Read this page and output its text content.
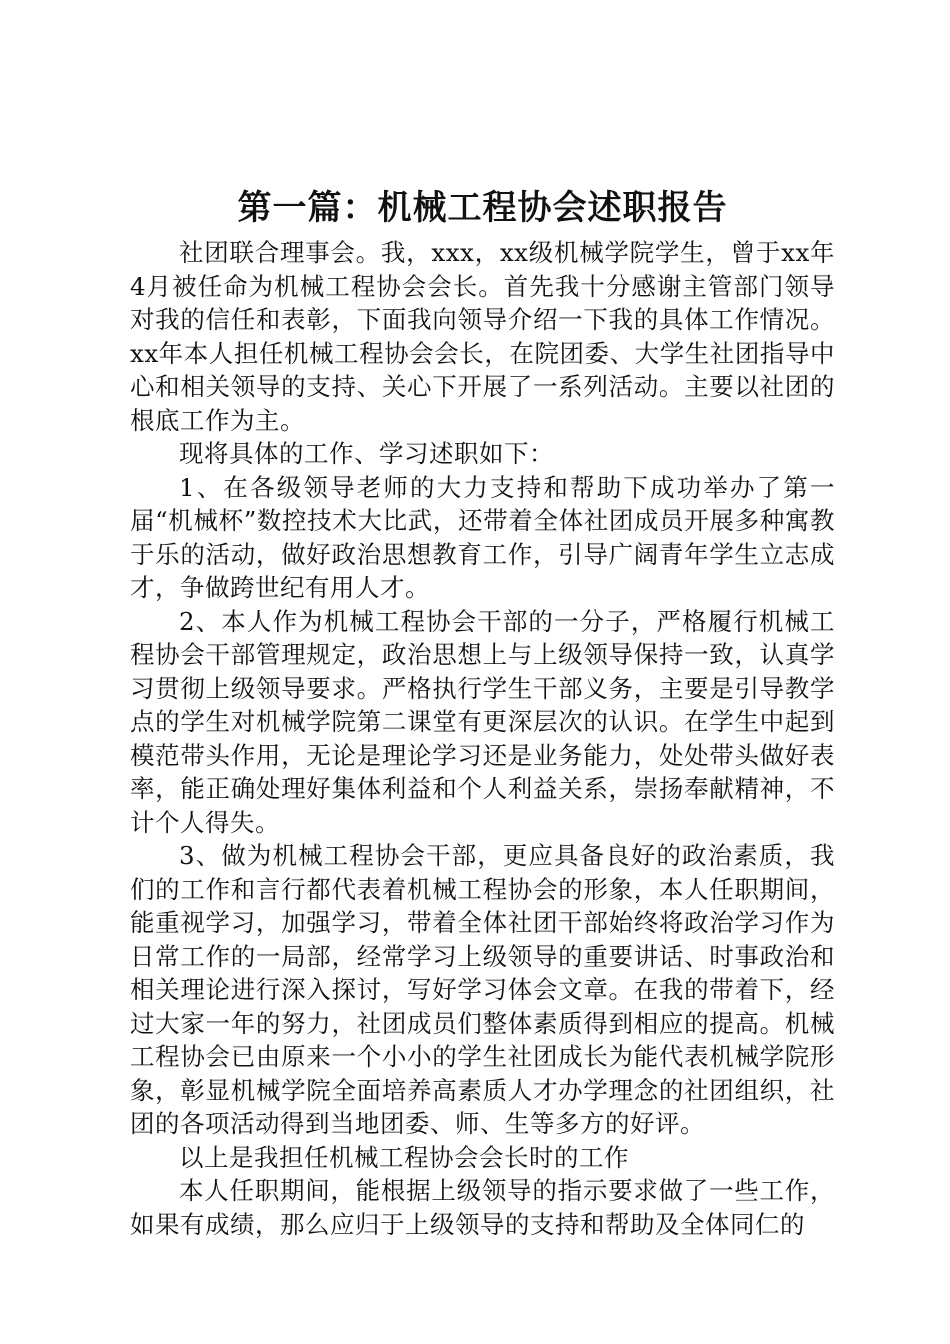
第一篇：机械工程协会述职报告

社团联合理事会。我，xxx，xx级机械学院学生，曾于xx年4月被任命为机械工程协会会长。首先我十分感谢主管部门领导对我的信任和表彰，下面我向领导介绍一下我的具体工作情况。xx年本人担任机械工程协会会长，在院团委、大学生社团指导中心和相关领导的支持、关心下开展了一系列活动。主要以社团的根底工作为主。

现将具体的工作、学习述职如下：

1、在各级领导老师的大力支持和帮助下成功举办了第一届“机械杯”数控技术大比武，还带着全体社团成员开展多种寓教于乐的活动，做好政治思想教育工作，引导广阔青年学生立志成才，争做跨世纪有用人才。

2、本人作为机械工程协会干部的一分子，严格履行机械工程协会干部管理规定，政治思想上与上级领导保持一致，认真学习贯彻上级领导要求。严格执行学生干部义务，主要是引导教学点的学生对机械学院第二课堂有更深层次的认识。在学生中起到模范带头作用，无论是理论学习还是业务能力，处处带头做好表率，能正确处理好集体利益和个人利益关系，崇扬奉献精神，不计个人得失。

3、做为机械工程协会干部，更应具备良好的政治素质，我们的工作和言行都代表着机械工程协会的形象，本人任职期间，能重视学习，加强学习，带着全体社团干部始终将政治学习作为日常工作的一局部，经常学习上级领导的重要讲话、时事政治和相关理论进行深入探讨，写好学习体会文章。在我的带着下，经过大家一年的努力，社团成员们整体素质得到相应的提高。机械工程协会已由原来一个小小的学生社团成长为能代表机械学院形象，彰显机械学院全面培养高素质人才办学理念的社团组织，社团的各项活动得到当地团委、师、生等多方的好评。

以上是我担任机械工程协会会长时的工作

本人任职期间，能根据上级领导的指示要求做了一些工作，如果有成绩，那么应归于上级领导的支持和帮助及全体同仁的
